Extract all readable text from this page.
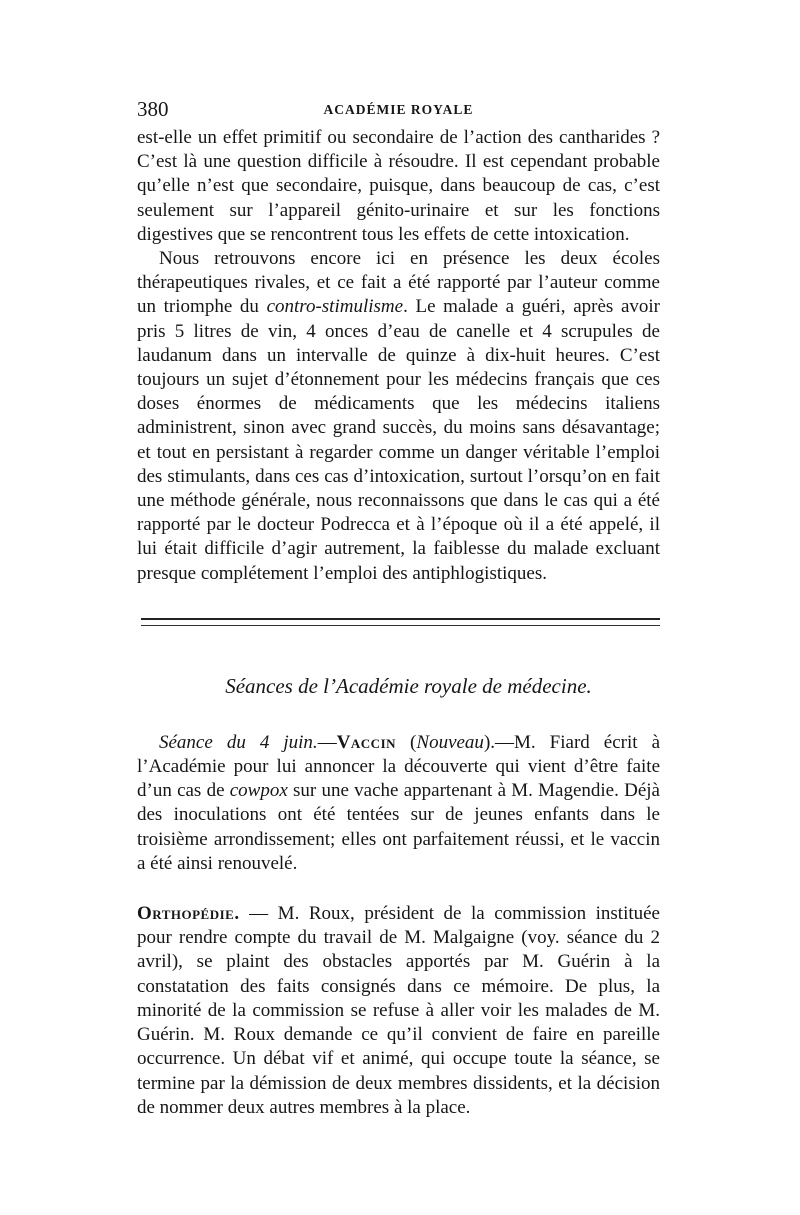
380	ACADÉMIE ROYALE

est-elle un effet primitif ou secondaire de l’action des cantharides ? C’est là une question difficile à résoudre. Il est cependant probable qu’elle n’est que secondaire, puisque, dans beaucoup de cas, c’est seulement sur l’appareil génito-urinaire et sur les fonctions digestives que se rencontrent tous les effets de cette intoxication.

Nous retrouvons encore ici en présence les deux écoles thérapeutiques rivales, et ce fait a été rapporté par l’auteur comme un triomphe du contro-stimulisme. Le malade a guéri, après avoir pris 5 litres de vin, 4 onces d’eau de canelle et 4 scrupules de laudanum dans un intervalle de quinze à dix-huit heures. C’est toujours un sujet d’étonnement pour les médecins français que ces doses énormes de médicaments que les médecins italiens administrent, sinon avec grand succès, du moins sans désavantage; et tout en persistant à regarder comme un danger véritable l’emploi des stimulants, dans ces cas d’intoxication, surtout l’orsqu’on en fait une méthode générale, nous reconnaissons que dans le cas qui a été rapporté par le docteur Podrecca et à l’époque où il a été appelé, il lui était difficile d’agir autrement, la faiblesse du malade excluant presque complétement l’emploi des antiphlogistiques.

Séances de l’Académie royale de médecine.

Séance du 4 juin.—Vaccin (Nouveau).—M. Fiard écrit à l’Académie pour lui annoncer la découverte qui vient d’être faite d’un cas de cowpox sur une vache appartenant à M. Magendie. Déjà des inoculations ont été tentées sur de jeunes enfants dans le troisième arrondissement; elles ont parfaitement réussi, et le vaccin a été ainsi renouvelé.

Orthopédie. — M. Roux, président de la commission instituée pour rendre compte du travail de M. Malgaigne (voy. séance du 2 avril), se plaint des obstacles apportés par M. Guérin à la constatation des faits consignés dans ce mémoire. De plus, la minorité de la commission se refuse à aller voir les malades de M. Guérin. M. Roux demande ce qu’il convient de faire en pareille occurrence. Un débat vif et animé, qui occupe toute la séance, se termine par la démission de deux membres dissidents, et la décision de nommer deux autres membres à la place.
